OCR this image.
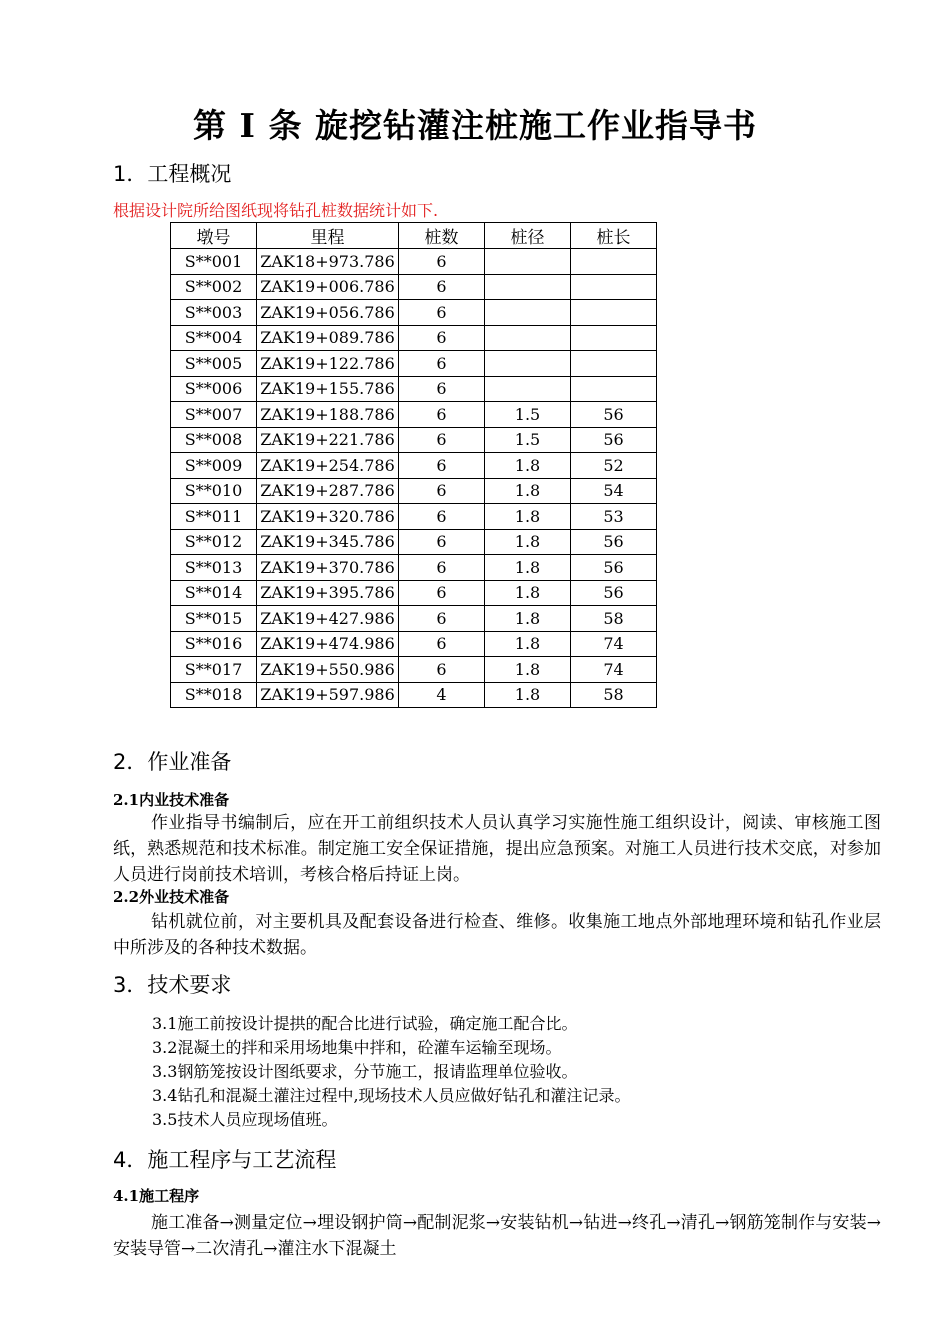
第 I 条 旋挖钻灌注桩施工作业指导书
1．工程概况
根据设计院所给图纸现将钻孔桩数据统计如下.
墩号	里程	桩数	桩径	桩长
S**001	ZAK18+973.786	6		
S**002	ZAK19+006.786	6		
S**003	ZAK19+056.786	6		
S**004	ZAK19+089.786	6		
S**005	ZAK19+122.786	6		
S**006	ZAK19+155.786	6		
S**007	ZAK19+188.786	6	1.5	56
S**008	ZAK19+221.786	6	1.5	56
S**009	ZAK19+254.786	6	1.8	52
S**010	ZAK19+287.786	6	1.8	54
S**011	ZAK19+320.786	6	1.8	53
S**012	ZAK19+345.786	6	1.8	56
S**013	ZAK19+370.786	6	1.8	56
S**014	ZAK19+395.786	6	1.8	56
S**015	ZAK19+427.986	6	1.8	58
S**016	ZAK19+474.986	6	1.8	74
S**017	ZAK19+550.986	6	1.8	74
S**018	ZAK19+597.986	4	1.8	58
2．作业准备
2.1内业技术准备
作业指导书编制后，应在开工前组织技术人员认真学习实施性施工组织设计，阅读、审核施工图纸，熟悉规范和技术标准。制定施工安全保证措施，提出应急预案。对施工人员进行技术交底，对参加人员进行岗前技术培训，考核合格后持证上岗。
2.2外业技术准备
钻机就位前，对主要机具及配套设备进行检查、维修。收集施工地点外部地理环境和钻孔作业层中所涉及的各种技术数据。
3．技术要求
3.1施工前按设计提拱的配合比进行试验，确定施工配合比。
3.2混凝土的拌和采用场地集中拌和，砼灌车运输至现场。
3.3钢筋笼按设计图纸要求，分节施工，报请监理单位验收。
3.4钻孔和混凝土灌注过程中,现场技术人员应做好钻孔和灌注记录。
3.5技术人员应现场值班。
4．施工程序与工艺流程
4.1施工程序
施工准备→测量定位→埋设钢护筒→配制泥浆→安装钻机→钻进→终孔→清孔→钢筋笼制作与安装→安装导管→二次清孔→灌注水下混凝土
